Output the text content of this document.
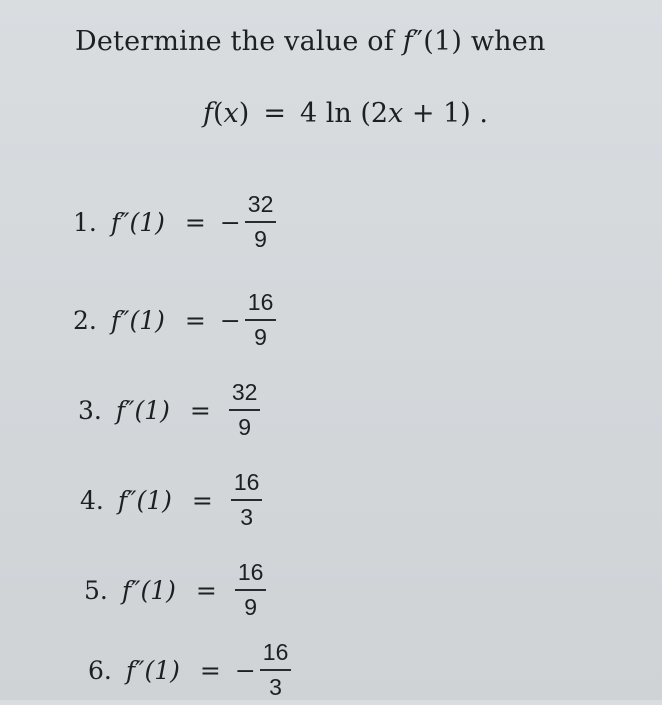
Determine the value of f″(1) when
f(x) = 4 ln (2x + 1) .
1. f″(1) = − $\frac{32}{9}$
2. f″(1) = − $\frac{16}{9}$
3. $f''(1) = \frac{32}{9}$
4. $f''(1) = \frac{16}{3}$
5. $f''(1) = \frac{16}{9}$
6. f″(1) = − $\frac{16}{3}$
